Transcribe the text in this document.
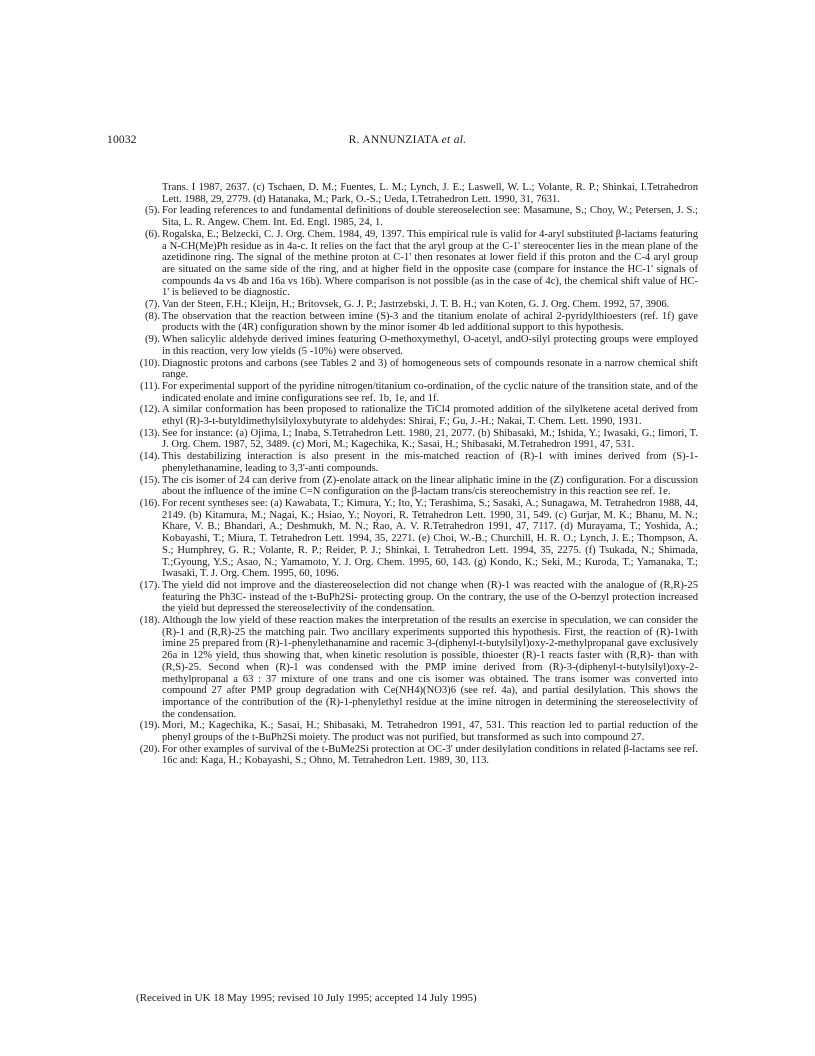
10032	R. ANNUNZIATA et al.

Trans. I 1987, 2637. (c) Tschaen, D. M.; Fuentes, L. M.; Lynch, J. E.; Laswell, W. L.; Volante, R. P.; Shinkai, I.Tetrahedron Lett. 1988, 29, 2779. (d) Hatanaka, M.; Park, O.-S.; Ueda, I.Tetrahedron Lett. 1990, 31, 7631.

(5). For leading references to and fundamental definitions of double stereoselection see: Masamune, S.; Choy, W.; Petersen, J. S.; Sita, L. R. Angew. Chem. Int. Ed. Engl. 1985, 24, 1.

(6). Rogalska, E.; Belzecki, C. J. Org. Chem. 1984, 49, 1397. This empirical rule is valid for 4-aryl substituted β-lactams featuring a N-CH(Me)Ph residue as in 4a-c. It relies on the fact that the aryl group at the C-1' stereocenter lies in the mean plane of the azetidinone ring. The signal of the methine proton at C-1' then resonates at lower field if this proton and the C-4 aryl group are situated on the same side of the ring, and at higher field in the opposite case (compare for instance the HC-1' signals of compounds 4a vs 4b and 16a vs 16b). Where comparison is not possible (as in the case of 4c), the chemical shift value of HC-1' is believed to be diagnostic.

(7). Van der Steen, F.H.; Kleijn, H.; Britovsek, G. J. P.; Jastrzebski, J. T. B. H.; van Koten, G. J. Org. Chem. 1992, 57, 3906.

(8). The observation that the reaction between imine (S)-3 and the titanium enolate of achiral 2-pyridylthioesters (ref. 1f) gave products with the (4R) configuration shown by the minor isomer 4b led additional support to this hypothesis.

(9). When salicylic aldehyde derived imines featuring O-methoxymethyl, O-acetyl, andO-silyl protecting groups were employed in this reaction, very low yields (5 -10%) were observed.

(10). Diagnostic protons and carbons (see Tables 2 and 3) of homogeneous sets of compounds resonate in a narrow chemical shift range.

(11). For experimental support of the pyridine nitrogen/titanium co-ordination, of the cyclic nature of the transition state, and of the indicated enolate and imine configurations see ref. 1b, 1e, and 1f.

(12). A similar conformation has been proposed to rationalize the TiCl4 promoted addition of the silylketene acetal derived from ethyl (R)-3-t-butyldimethylsilyloxybutyrate to aldehydes: Shirai, F.; Gu, J.-H.; Nakai, T. Chem. Lett. 1990, 1931.

(13). See for instance: (a) Ojima, I.; Inaba, S.Tetrahedron Lett. 1980, 21, 2077. (b) Shibasaki, M.; Ishida, Y.; Iwasaki, G.; Iimori, T. J. Org. Chem. 1987, 52, 3489. (c) Mori, M.; Kagechika, K.; Sasai, H.; Shibasaki, M.Tetrahedron 1991, 47, 531.

(14). This destabilizing interaction is also present in the mis-matched reaction of (R)-1 with imines derived from (S)-1-phenylethanamine, leading to 3,3'-anti compounds.

(15). The cis isomer of 24 can derive from (Z)-enolate attack on the linear aliphatic imine in the (Z) configuration. For a discussion about the influence of the imine C=N configuration on the β-lactam trans/cis stereochemistry in this reaction see ref. 1e.

(16). For recent syntheses see: (a) Kawabata, T.; Kimura, Y.; Ito, Y.; Terashima, S.; Sasaki, A.; Sunagawa, M. Tetrahedron 1988, 44, 2149. (b) Kitamura, M.; Nagai, K.; Hsiao, Y.; Noyori, R. Tetrahedron Lett. 1990, 31, 549. (c) Gurjar, M. K.; Bhanu, M. N.; Khare, V. B.; Bhandari, A.; Deshmukh, M. N.; Rao, A. V. R.Tetrahedron 1991, 47, 7117. (d) Murayama, T.; Yoshida, A.; Kobayashi, T.; Miura, T. Tetrahedron Lett. 1994, 35, 2271. (e) Choi, W.-B.; Churchill, H. R. O.; Lynch, J. E.; Thompson, A. S.; Humphrey, G. R.; Volante, R. P.; Reider, P. J.; Shinkai, I. Tetrahedron Lett. 1994, 35, 2275. (f) Tsukada, N.; Shimada, T.;Gyoung, Y.S.; Asao, N.; Yamamoto, Y. J. Org. Chem. 1995, 60, 143. (g) Kondo, K.; Seki, M.; Kuroda, T.; Yamanaka, T.; Iwasaki, T. J. Org. Chem. 1995, 60, 1096.

(17). The yield did not improve and the diastereoselection did not change when (R)-1 was reacted with the analogue of (R,R)-25 featuring the Ph3C- instead of the t-BuPh2Si- protecting group. On the contrary, the use of the O-benzyl protection increased the yield but depressed the stereoselectivity of the condensation.

(18). Although the low yield of these reaction makes the interpretation of the results an exercise in speculation, we can consider the (R)-1 and (R,R)-25 the matching pair. Two ancillary experiments supported this hypothesis. First, the reaction of (R)-1with imine 25 prepared from (R)-1-phenylethanamine and racemic 3-(diphenyl-t-butylsilyl)oxy-2-methylpropanal gave exclusively 26a in 12% yield, thus showing that, when kinetic resolution is possible, thioester (R)-1 reacts faster with (R,R)- than with (R,S)-25. Second when (R)-1 was condensed with the PMP imine derived from (R)-3-(diphenyl-t-butylsilyl)oxy-2-methylpropanal a 63 : 37 mixture of one trans and one cis isomer was obtained. The trans isomer was converted into compound 27 after PMP group degradation with Ce(NH4)(NO3)6 (see ref. 4a), and partial desilylation. This shows the importance of the contribution of the (R)-1-phenylethyl residue at the imine nitrogen in determining the stereoselectivity of the condensation.

(19). Mori, M.; Kagechika, K.; Sasai, H.; Shibasaki, M. Tetrahedron 1991, 47, 531. This reaction led to partial reduction of the phenyl groups of the t-BuPh2Si moiety. The product was not purified, but transformed as such into compound 27.

(20). For other examples of survival of the t-BuMe2Si protection at OC-3' under desilylation conditions in related β-lactams see ref. 16c and: Kaga, H.; Kobayashi, S.; Ohno, M. Tetrahedron Lett. 1989, 30, 113.

(Received in UK 18 May 1995; revised 10 July 1995; accepted 14 July 1995)
